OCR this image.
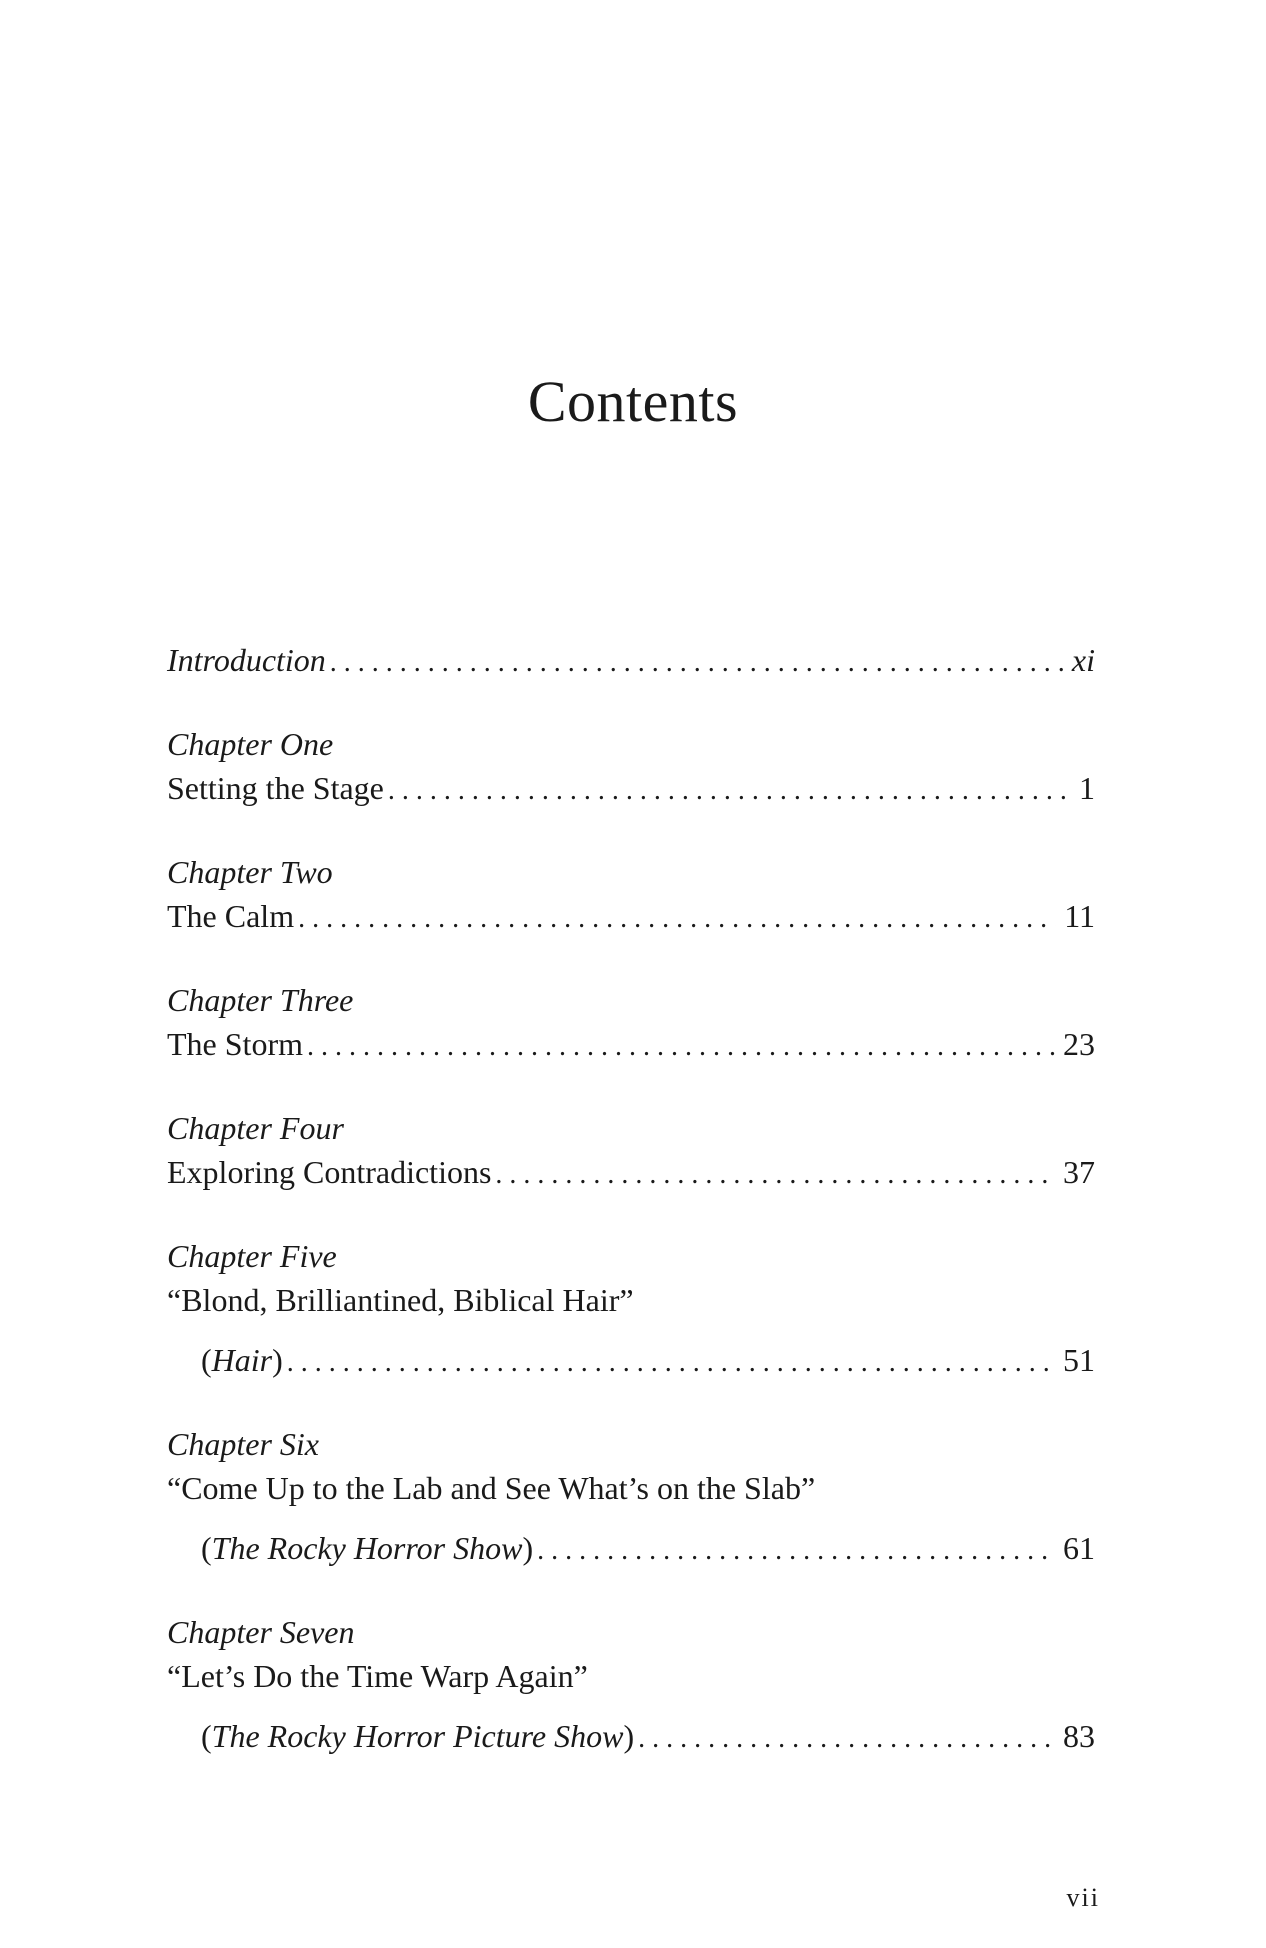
Contents
Introduction . . .	xi
Chapter One
Setting the Stage . . .	1
Chapter Two
The Calm . . .	11
Chapter Three
The Storm . . .	23
Chapter Four
Exploring Contradictions . . .	37
Chapter Five
“Blond, Brilliantined, Biblical Hair”
(Hair) . . .	51
Chapter Six
“Come Up to the Lab and See What’s on the Slab”
(The Rocky Horror Show) . . .	61
Chapter Seven
“Let’s Do the Time Warp Again”
(The Rocky Horror Picture Show) . . .	83
vii
